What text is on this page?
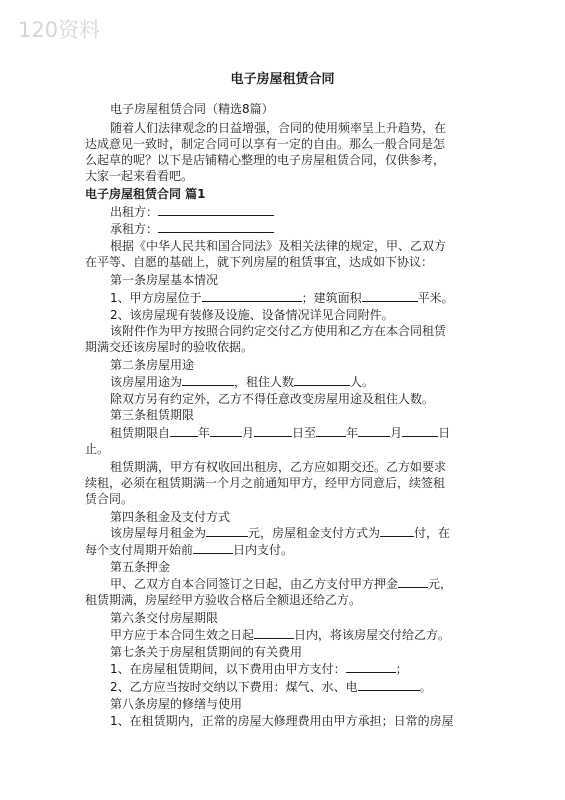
120资料
电子房屋租赁合同
电子房屋租赁合同（精选8篇）
随着人们法律观念的日益增强，合同的使用频率呈上升趋势，在
达成意见一致时，制定合同可以享有一定的自由。那么一般合同是怎
么起草的呢？以下是店铺精心整理的电子房屋租赁合同，仅供参考，
大家一起来看看吧。
电子房屋租赁合同 篇1
出租方：
承租方：
根据《中华人民共和国合同法》及相关法律的规定，甲、乙双方
在平等、自愿的基础上，就下列房屋的租赁事宜，达成如下协议：
第一条房屋基本情况
1、甲方房屋位于	；建筑面积	平米。
2、该房屋现有装修及设施、设备情况详见合同附件。
该附件作为甲方按照合同约定交付乙方使用和乙方在本合同租赁
期满交还该房屋时的验收依据。
第二条房屋用途
该房屋用途为	，租住人数	人。
除双方另有约定外，乙方不得任意改变房屋用途及租住人数。
第三条租赁期限
租赁期限自 年	月	日至	年	月	日
止。
租赁期满，甲方有权收回出租房，乙方应如期交还。乙方如要求
续租，必须在租赁期满一个月之前通知甲方，经甲方同意后，续签租
赁合同。
第四条租金及支付方式
该房屋每月租金为	元，房屋租金支付方式为	付，在
每个支付周期开始前	日内支付。
第五条押金
甲、乙双方自本合同签订之日起，由乙方支付甲方押金	元，
租赁期满，房屋经甲方验收合格后全额退还给乙方。
第六条交付房屋期限
甲方应于本合同生效之日起	日内，将该房屋交付给乙方。
第七条关于房屋租赁期间的有关费用
1、在房屋租赁期间，以下费用由甲方支付：	；
2、乙方应当按时交纳以下费用：煤气、水、电	。
第八条房屋的修缮与使用
1、在租赁期内，正常的房屋大修理费用由甲方承担；日常的房屋
